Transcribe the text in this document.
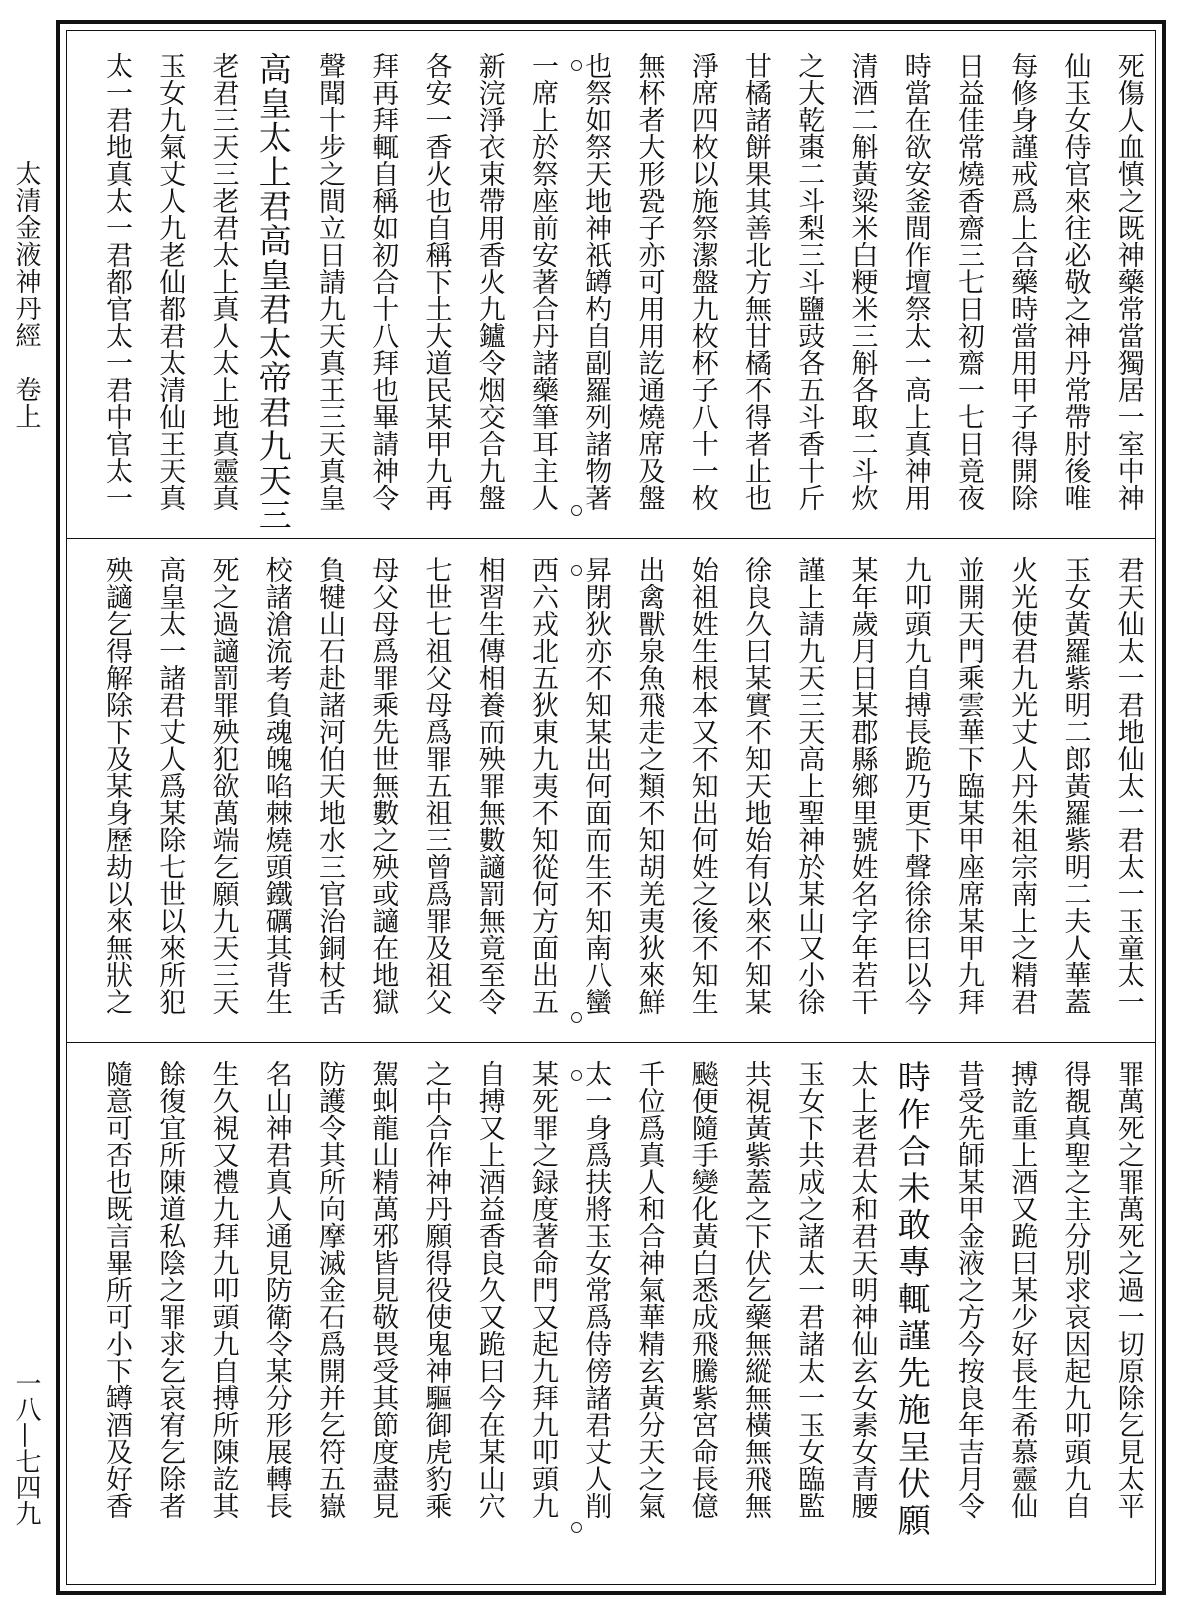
太清金液神丹經　卷上
一八—七四九
死傷人血慎之既神藥常當獨居一室中神
仙玉女侍官來往必敬之神丹常帶肘後唯
每修身謹戒爲上合藥時當用甲子得開除
日益佳常燒香齋三七日初齋一七日竟夜
時當在欲安釜間作壇祭太一高上真神用
清酒二斛黃粱米白粳米三斛各取二斗炊
之大乾棗二斗梨三斗鹽豉各五斗香十斤
甘橘諸餅果其善北方無甘橘不得者止也
淨席四枚以施祭潔盤九枚杯子八十一枚
無杯者大形㼦子亦可用用訖通燒席及盤
也祭如祭天地神祇罇杓自副羅列諸物著
一席上於祭座前安著合丹諸藥筆耳主人
新浣淨衣束帶用香火九鑪令烟交合九盤
各安一香火也自稱下土大道民某甲九再
拜再拜輒自稱如初合十八拜也畢請神令
聲聞十步之間立日請九天真王三天真皇
高皇太上君高皇君太帝君九天三
老君三天三老君太上真人太上地真靈真
玉女九氣丈人九老仙都君太清仙王天真
太一君地真太一君都官太一君中官太一
君天仙太一君地仙太一君太一玉童太一
玉女黃羅紫明二郎黃羅紫明二夫人華蓋
火光使君九光丈人丹朱祖宗南上之精君
並開天門乘雲華下臨某甲座席某甲九拜
九叩頭九自搏長跪乃更下聲徐徐曰以今
某年歲月日某郡縣鄉里號姓名字年若干
謹上請九天三天高上聖神於某山又小徐
徐良久曰某實不知天地始有以來不知某
始祖姓生根本又不知出何姓之後不知生
出禽獸泉魚飛走之類不知胡羌夷狄來鮮
昇閉狄亦不知某出何面而生不知南八蠻
西六戎北五狄東九夷不知從何方面出五
相習生傳相養而殃罪無數讁罰無竟至令
七世七祖父母爲罪五祖三曾爲罪及祖父
母父母爲罪乘先世無數之殃或讁在地獄
負犍山石赴諸河伯天地水三官治銅杖舌
校諸滄流考負魂魄啗棘燒頭鐵礪其背生
死之過讁罰罪殃犯欲萬端乞願九天三天
高皇太一諸君丈人爲某除七世以來所犯
殃讁乞得解除下及某身歷劫以來無狀之
罪萬死之罪萬死之過一切原除乞見太平
得覩真聖之主分別求哀因起九叩頭九自
搏訖重上酒又跪曰某少好長生希慕靈仙
昔受先師某甲金液之方今按良年吉月令
時作合未敢專輒謹先施呈伏願
太上老君太和君天明神仙玄女素女青腰
玉女下共成之諸太一君諸太一玉女臨監
共視黃紫蓋之下伏乞藥無縱無橫無飛無
飈便隨手變化黃白悉成飛騰紫宮命長億
千位爲真人和合神氣華精玄黃分天之氣
太一身爲扶將玉女常爲侍傍諸君丈人削
某死罪之録度著命門又起九拜九叩頭九
自搏又上酒益香良久又跪曰今在某山穴
之中合作神丹願得役使鬼神驅御虎豹乘
駕虯龍山精萬邪皆見敬畏受其節度盡見
防護令其所向摩滅金石爲開并乞符五嶽
名山神君真人通見防衛令某分形展轉長
生久視又禮九拜九叩頭九自搏所陳訖其
餘復宜所陳道私陰之罪求乞哀宥乞除者
隨意可否也既言畢所可小下罇酒及好香
